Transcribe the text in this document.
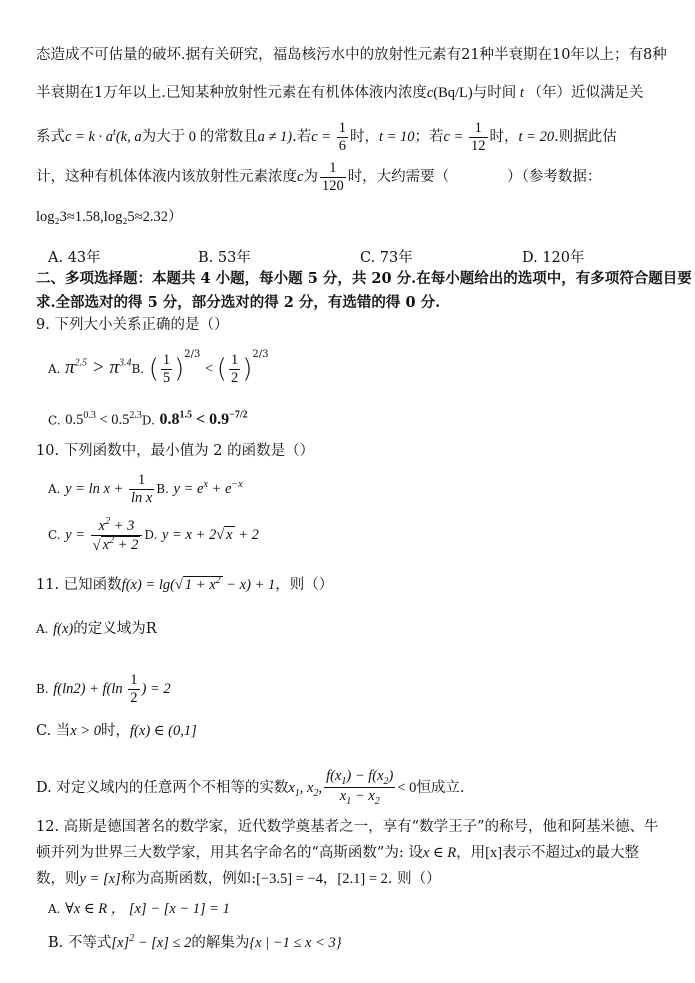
态造成不可估量的破坏.据有关研究，福岛核污水中的放射性元素有21种半衰期在10年以上；有8种
半衰期在1万年以上.已知某种放射性元素在有机体体液内浓度c(Bq/L)与时间 t （年）近似满足关
系式$c = k \cdot a^t(k$, a为大于 0 的常数且a ≠ 1).若$c = \frac{1}{6}$ 时，t = 10；若$c = \frac{1}{12}$ 时，t = 20.则据此估
计，这种有机体体液内该放射性元素浓度c为 $\frac{1}{120}$ 时，大约需要（　　　　）（参考数据：
log₂3≈1.58,log₂5≈2.32）
A. 43年	B. 53年	C. 73年	D. 120年
二、多项选择题：本题共 4 小题，每小题 5 分，共 20 分.在每小题给出的选项中，有多项符合题目要
求.全部选对的得 5 分，部分选对的得 2 分，有选错的得 0 分.
9. 下列大小关系正确的是（）
A. $\pi^{2.5} > \pi^{3.4}B$. ( $\frac{1}{5} )^{2/3}$ < ( $\frac{1}{2} )^{2/3}$
C. $0.5^{0.3} < 0.5^{2.3}D$. $0.8^{1.5} < 0.9^{-7/2}$
10. 下列函数中，最小值为 2 的函数是（）
A. $y = \ln x + \frac{1}{\text{ln x}} B$. $y = e^x + e^{-x}$
C. $y = \frac{x^2 + 3}{√ x^2 + 2} D$. y = x + 2√ x + 2
11. 已知函数f(x) = lg(√ $1 + x^2 - x) + 1$，则（）
A. f(x)的定义域为R
B. $f(\ln 2) + f(\ln \frac{1}{2}$ ) = 2
C. 当x > 0时，f(x) ∈ (0,1]
D. 对定义域内的任意两个不相等的实数$x_1$, $x_2$, $\frac{f(x_1) - f(x_2)}{x_1 - x_2} < 0$恒成立.
12. 高斯是德国著名的数学家，近代数学奠基者之一，享有“数学王子”的称号，他和阿基米德、牛
顿并列为世界三大数学家，用其名字命名的“高斯函数”为: 设x ∈ R，用[x]表示不超过x的最大整
数，则y = [x]称为高斯函数，例如:[−3.5] = −4，[2.1] = 2. 则（）
A. ∀x ∈ R ， [x] − [x − 1] = 1
B. 不等式$[x]^2 - [x] \le 2$的解集为{x | −1 ≤ x < 3}
